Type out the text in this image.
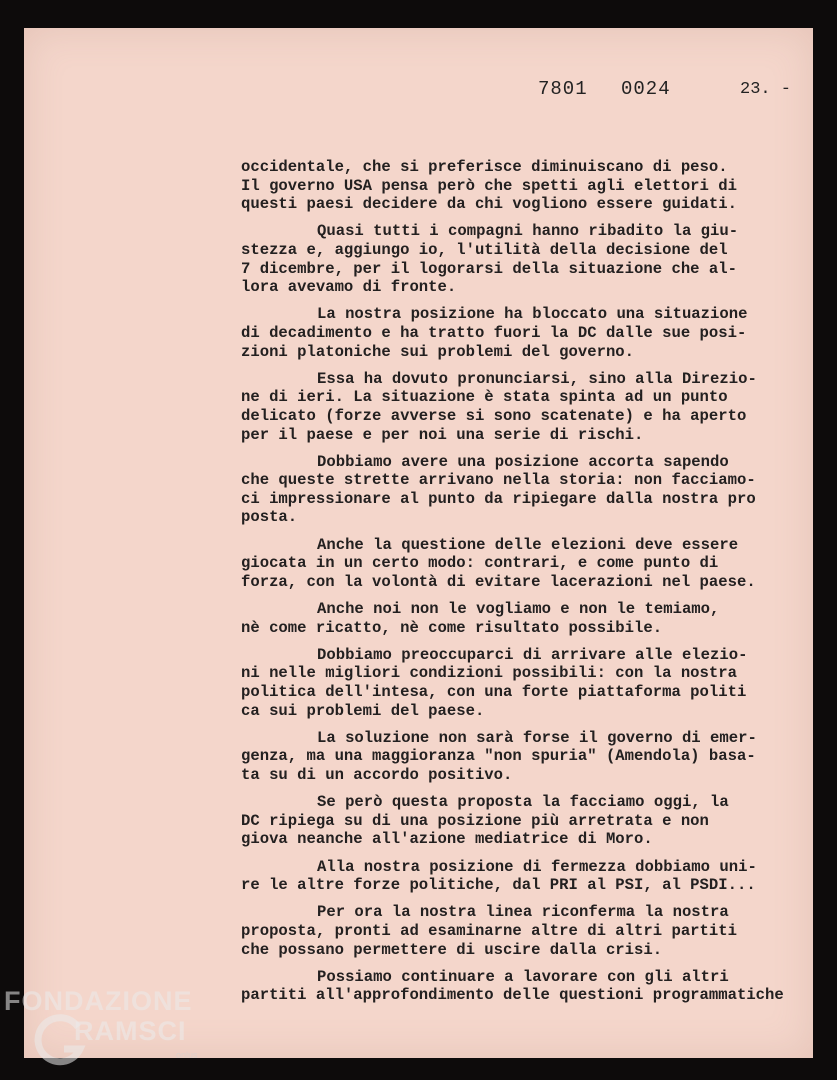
7801 0024	23. -
occidentale, che si preferisce diminuiscano di peso.
Il governo USA pensa però che spetti agli elettori di
questi paesi decidere da chi vogliono essere guidati.
Quasi tutti i compagni hanno ribadito la giu-
stezza e, aggiungo io, l'utilità della decisione del
7 dicembre, per il logorarsi della situazione che al-
lora avevamo di fronte.
La nostra posizione ha bloccato una situazione
di decadimento e ha tratto fuori la DC dalle sue posi-
zioni platoniche sui problemi del governo.
Essa ha dovuto pronunciarsi, sino alla Direzio-
ne di ieri. La situazione è stata spinta ad un punto
delicato (forze avverse si sono scatenate) e ha aperto
per il paese e per noi una serie di rischi.
Dobbiamo avere una posizione accorta sapendo
che queste strette arrivano nella storia: non facciamo-
ci impressionare al punto da ripiegare dalla nostra pro
posta.
Anche la questione delle elezioni deve essere
giocata in un certo modo: contrari, e come punto di
forza, con la volontà di evitare lacerazioni nel paese.
Anche noi non le vogliamo e non le temiamo,
nè come ricatto, nè come risultato possibile.
Dobbiamo preoccuparci di arrivare alle elezio-
ni nelle migliori condizioni possibili: con la nostra
politica dell'intesa, con una forte piattaforma politi
ca sui problemi del paese.
La soluzione non sarà forse il governo di emer-
genza, ma una maggioranza "non spuria" (Amendola) basa-
ta su di un accordo positivo.
Se però questa proposta la facciamo oggi, la
DC ripiega su di una posizione più arretrata e non
giova neanche all'azione mediatrice di Moro.
Alla nostra posizione di fermezza dobbiamo uni-
re le altre forze politiche, dal PRI al PSI, al PSDI...
Per ora la nostra linea riconferma la nostra
proposta, pronti ad esaminarne altre di altri partiti
che possano permettere di uscire dalla crisi.
Possiamo continuare a lavorare con gli altri
partiti all'approfondimento delle questioni programmatiche
FONDAZIONE
RAMSCI
onlus
